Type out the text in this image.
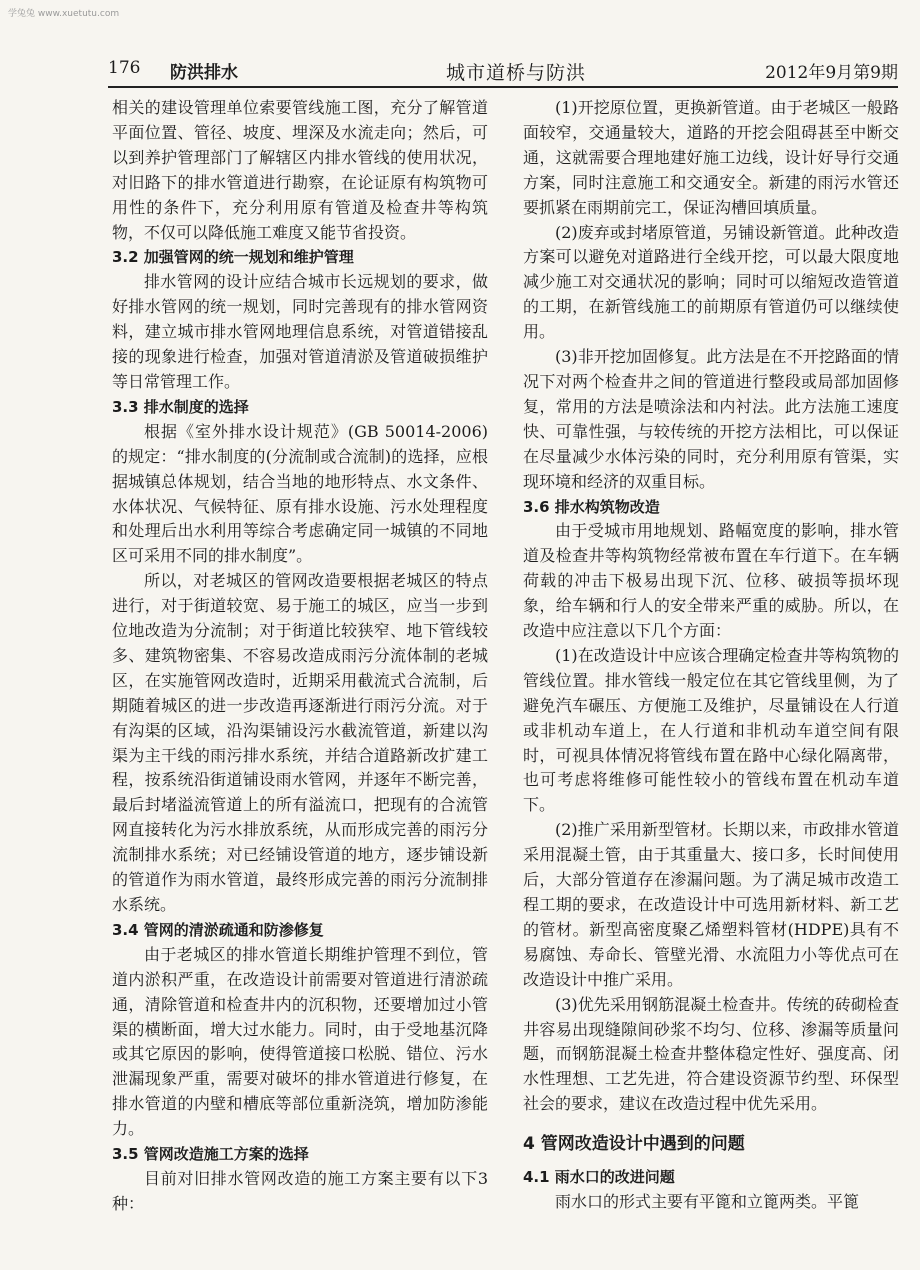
学兔兔 www.xuetutu.com
176 防洪排水	城市道桥与防洪	2012年9月第9期

相关的建设管理单位索要管线施工图，充分了解管道平面位置、管径、坡度、埋深及水流走向；然后，可以到养护管理部门了解辖区内排水管线的使用状况，对旧路下的排水管道进行勘察，在论证原有构筑物可用性的条件下，充分利用原有管道及检查井等构筑物，不仅可以降低施工难度又能节省投资。

3.2 加强管网的统一规划和维护管理

排水管网的设计应结合城市长远规划的要求，做好排水管网的统一规划，同时完善现有的排水管网资料，建立城市排水管网地理信息系统，对管道错接乱接的现象进行检查，加强对管道清淤及管道破损维护等日常管理工作。

3.3 排水制度的选择

根据《室外排水设计规范》(GB 50014-2006)的规定：“排水制度的(分流制或合流制)的选择，应根据城镇总体规划，结合当地的地形特点、水文条件、水体状况、气候特征、原有排水设施、污水处理程度和处理后出水利用等综合考虑确定同一城镇的不同地区可采用不同的排水制度”。

所以，对老城区的管网改造要根据老城区的特点进行，对于街道较宽、易于施工的城区，应当一步到位地改造为分流制；对于街道比较狭窄、地下管线较多、建筑物密集、不容易改造成雨污分流体制的老城区，在实施管网改造时，近期采用截流式合流制，后期随着城区的进一步改造再逐渐进行雨污分流。对于有沟渠的区域，沿沟渠铺设污水截流管道，新建以沟渠为主干线的雨污排水系统，并结合道路新改扩建工程，按系统沿街道铺设雨水管网，并逐年不断完善，最后封堵溢流管道上的所有溢流口，把现有的合流管网直接转化为污水排放系统，从而形成完善的雨污分流制排水系统；对已经铺设管道的地方，逐步铺设新的管道作为雨水管道，最终形成完善的雨污分流制排水系统。

3.4 管网的清淤疏通和防渗修复

由于老城区的排水管道长期维护管理不到位，管道内淤积严重，在改造设计前需要对管道进行清淤疏通，清除管道和检查井内的沉积物，还要增加过小管渠的横断面，增大过水能力。同时，由于受地基沉降或其它原因的影响，使得管道接口松脱、错位、污水泄漏现象严重，需要对破坏的排水管道进行修复，在排水管道的内壁和槽底等部位重新浇筑，增加防渗能力。

3.5 管网改造施工方案的选择

目前对旧排水管网改造的施工方案主要有以下3种：

(1)开挖原位置，更换新管道。由于老城区一般路面较窄，交通量较大，道路的开挖会阻碍甚至中断交通，这就需要合理地建好施工边线，设计好导行交通方案，同时注意施工和交通安全。新建的雨污水管还要抓紧在雨期前完工，保证沟槽回填质量。

(2)废弃或封堵原管道，另铺设新管道。此种改造方案可以避免对道路进行全线开挖，可以最大限度地减少施工对交通状况的影响；同时可以缩短改造管道的工期，在新管线施工的前期原有管道仍可以继续使用。

(3)非开挖加固修复。此方法是在不开挖路面的情况下对两个检查井之间的管道进行整段或局部加固修复，常用的方法是喷涂法和内衬法。此方法施工速度快、可靠性强，与较传统的开挖方法相比，可以保证在尽量减少水体污染的同时，充分利用原有管渠，实现环境和经济的双重目标。

3.6 排水构筑物改造

由于受城市用地规划、路幅宽度的影响，排水管道及检查井等构筑物经常被布置在车行道下。在车辆荷载的冲击下极易出现下沉、位移、破损等损坏现象，给车辆和行人的安全带来严重的威胁。所以，在改造中应注意以下几个方面：

(1)在改造设计中应该合理确定检查井等构筑物的管线位置。排水管线一般定位在其它管线里侧，为了避免汽车碾压、方便施工及维护，尽量铺设在人行道或非机动车道上，在人行道和非机动车道空间有限时，可视具体情况将管线布置在路中心绿化隔离带，也可考虑将维修可能性较小的管线布置在机动车道下。

(2)推广采用新型管材。长期以来，市政排水管道采用混凝土管，由于其重量大、接口多，长时间使用后，大部分管道存在渗漏问题。为了满足城市改造工程工期的要求，在改造设计中可选用新材料、新工艺的管材。新型高密度聚乙烯塑料管材(HDPE)具有不易腐蚀、寿命长、管壁光滑、水流阻力小等优点可在改造设计中推广采用。

(3)优先采用钢筋混凝土检查井。传统的砖砌检查井容易出现缝隙间砂浆不均匀、位移、渗漏等质量问题，而钢筋混凝土检查井整体稳定性好、强度高、闭水性理想、工艺先进，符合建设资源节约型、环保型社会的要求，建议在改造过程中优先采用。

4 管网改造设计中遇到的问题
4.1 雨水口的改进问题

雨水口的形式主要有平篦和立篦两类。平篦
